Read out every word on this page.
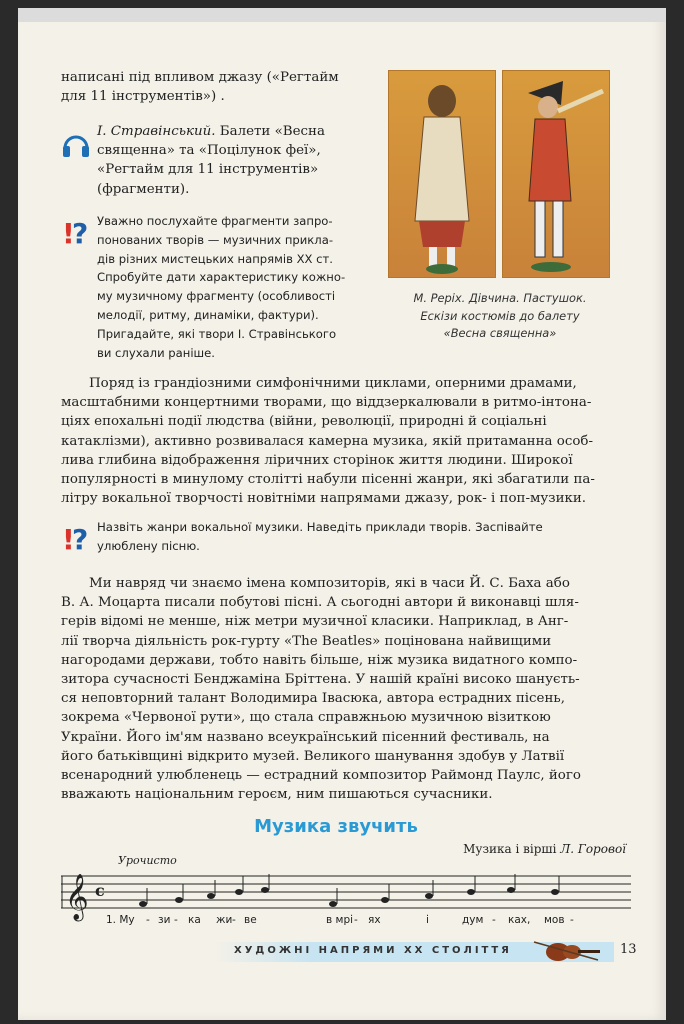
написані під впливом джазу («Регтайм
для 11 інструментів») .
І. Стравінський. Балети «Весна
священна» та «Поцілунок феї»,
«Регтайм для 11 інструментів»
(фрагменти).
!
? Уважно послухайте фрагменти запро-
понованих творів — музичних прикла-
дів різних мистецьких напрямів XX ст.
Спробуйте дати характеристику кожно-
му музичному фрагменту (особливості
мелодії, ритму, динаміки, фактури).
Пригадайте, які твори І. Стравінського
ви слухали раніше.
М. Реріх. Дівчина. Пастушок.
Ескізи костюмів до балету
«Весна священна»
Поряд із грандіозними симфонічними циклами, оперними драмами,
масштабними концертними творами, що віддзеркалювали в ритмо-інтона-
ціях епохальні події людства (війни, революції, природні й соціальні
катаклізми), активно розвивалася камерна музика, якій притаманна особ-
лива глибина відображення ліричних сторінок життя людини. Широкої
популярності в минулому столітті набули пісенні жанри, які збагатили па-
літру вокальної творчості новітніми напрямами джазу, рок- і поп-музики.
!
? Назвіть жанри вокальної музики. Наведіть приклади творів. Заспівайте
улюблену пісню.
Ми навряд чи знаємо імена композиторів, які в часи Й. С. Баха або
В. А. Моцарта писали побутові пісні. А сьогодні автори й виконавці шля-
герів відомі не менше, ніж метри музичної класики. Наприклад, в Анг-
лії творча діяльність рок-гурту «The Beatles» поцінована найвищими
нагородами держави, тобто навіть більше, ніж музика видатного компо-
зитора сучасності Бенджаміна Бріттена. У нашій країні високо шануєть-
ся неповторний талант Володимира Івасюка, автора естрадних пісень,
зокрема «Червоної рути», що стала справжньою музичною візиткою
України. Його ім'ям названо всеукраїнський пісенний фестиваль, на
його батьківщині відкрито музей. Великого шанування здобув у Латвії
всенародний улюбленець — естрадний композитор Раймонд Паулс, його
вважають національним героєм, ним пишаються сучасники.
Музика звучить
Музика і вірші Л. Горової
Урочисто
𝄞 c
1. Му - зи - ка жи - ве	в мрі - ях	і	дум - ках, мов -
ХУДОЖНІ НАПРЯМИ XX СТОЛІТТЯ	13
